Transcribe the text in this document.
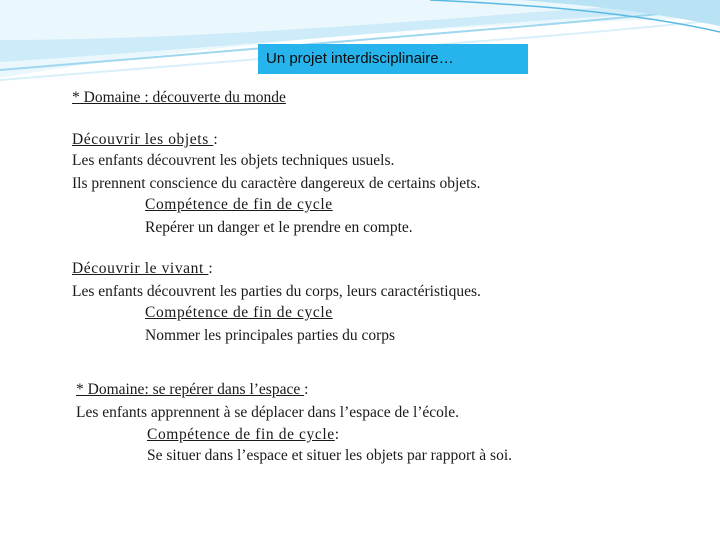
Un projet interdisciplinaire…
* Domaine : découverte du monde
Découvrir les objets :
Les enfants découvrent les objets techniques usuels.
Ils prennent conscience du caractère dangereux de certains objets.
Compétence de fin de cycle
Repérer un danger et le prendre en compte.
Découvrir le vivant :
Les enfants découvrent les parties du corps, leurs caractéristiques.
Compétence de fin de cycle
Nommer les principales parties du corps
* Domaine: se repérer dans l’espace :
Les enfants apprennent à se déplacer dans l’espace de l’école.
Compétence de fin de cycle:
Se situer dans l’espace et situer les objets par rapport à soi.
